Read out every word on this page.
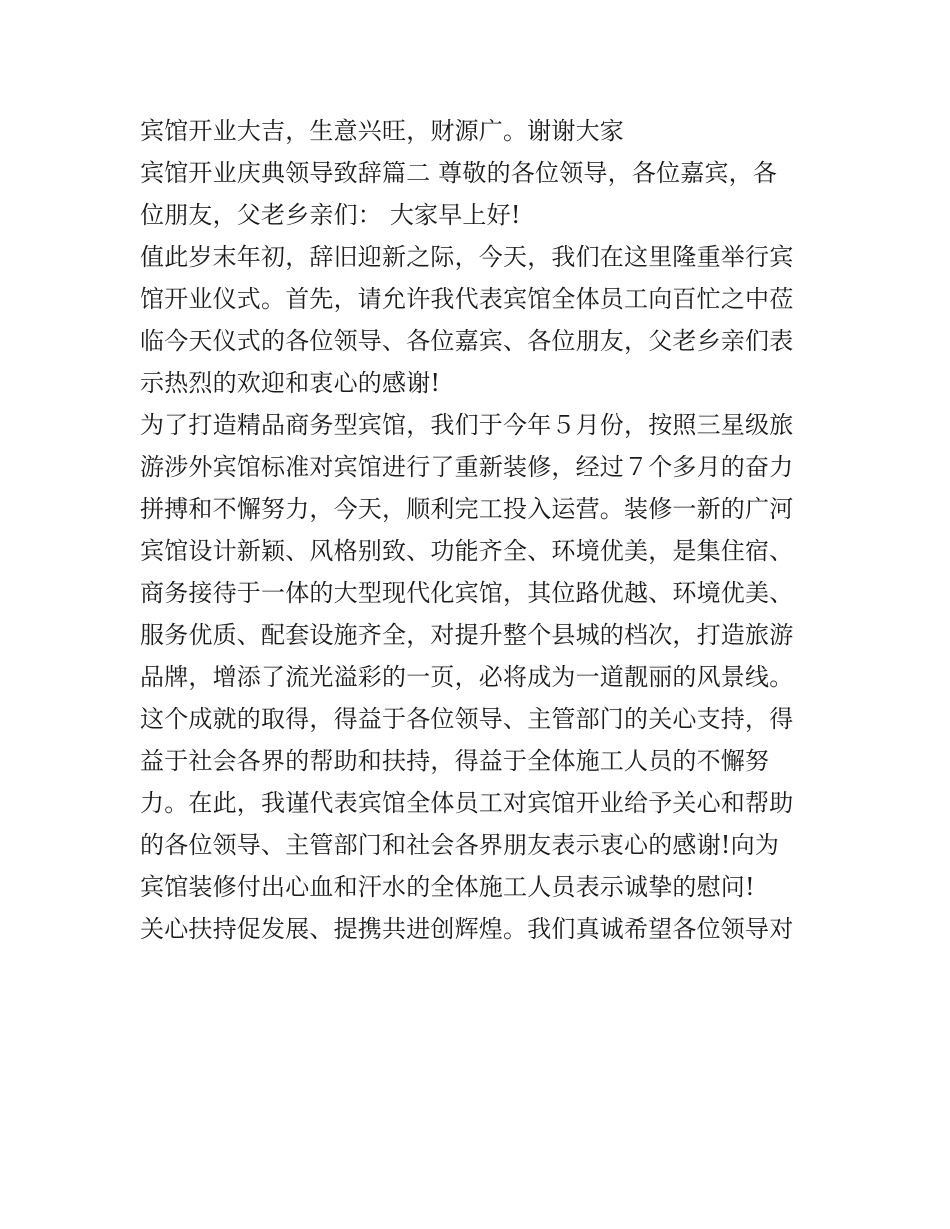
宾馆开业大吉，生意兴旺，财源广。谢谢大家
宾馆开业庆典领导致辞篇二 尊敬的各位领导，各位嘉宾，各
位朋友，父老乡亲们： 大家早上好!
值此岁末年初，辞旧迎新之际，今天，我们在这里隆重举行宾
馆开业仪式。首先，请允许我代表宾馆全体员工向百忙之中莅
临今天仪式的各位领导、各位嘉宾、各位朋友，父老乡亲们表
示热烈的欢迎和衷心的感谢!
为了打造精品商务型宾馆，我们于今年５月份，按照三星级旅
游涉外宾馆标准对宾馆进行了重新装修，经过７个多月的奋力
拼搏和不懈努力，今天，顺利完工投入运营。装修一新的广河
宾馆设计新颖、风格别致、功能齐全、环境优美，是集住宿、
商务接待于一体的大型现代化宾馆，其位路优越、环境优美、
服务优质、配套设施齐全，对提升整个县城的档次，打造旅游
品牌，增添了流光溢彩的一页，必将成为一道靓丽的风景线。
这个成就的取得，得益于各位领导、主管部门的关心支持，得
益于社会各界的帮助和扶持，得益于全体施工人员的不懈努
力。在此，我谨代表宾馆全体员工对宾馆开业给予关心和帮助
的各位领导、主管部门和社会各界朋友表示衷心的感谢!向为
宾馆装修付出心血和汗水的全体施工人员表示诚挚的慰问!
关心扶持促发展、提携共进创辉煌。我们真诚希望各位领导对
